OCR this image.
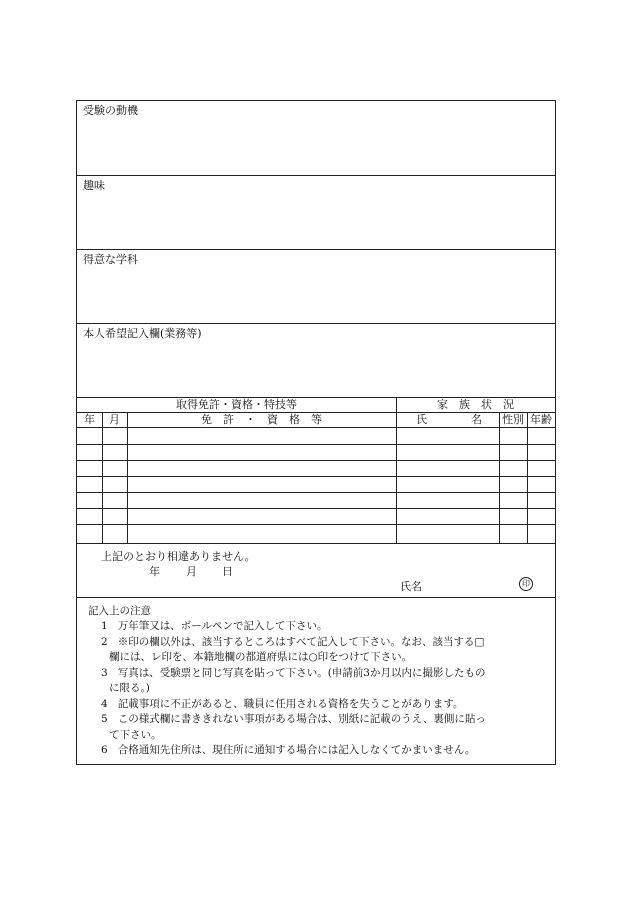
受験の動機
趣味
得意な学科
本人希望記入欄(業務等)
取得免許・資格・特技等	家　族　状　況
年	月	免　許　・　資　格　等	氏	名 性別 年齢
上記のとおり相違ありません。
年 月 日
氏名	印
記入上の注意
1 万年筆又は、ボールペンで記入して下さい。
2 ※印の欄以外は、該当するところはすべて記入して下さい。なお、該当する□
欄には、レ印を、本籍地欄の都道府県には○印をつけて下さい。
3 写真は、受験票と同じ写真を貼って下さい。(申請前3か月以内に撮影したもの
に限る。)
4 記載事項に不正があると、職員に任用される資格を失うことがあります。
5 この様式欄に書ききれない事項がある場合は、別紙に記載のうえ、裏側に貼っ
て下さい。
6 合格通知先住所は、現住所に通知する場合には記入しなくてかまいません。
